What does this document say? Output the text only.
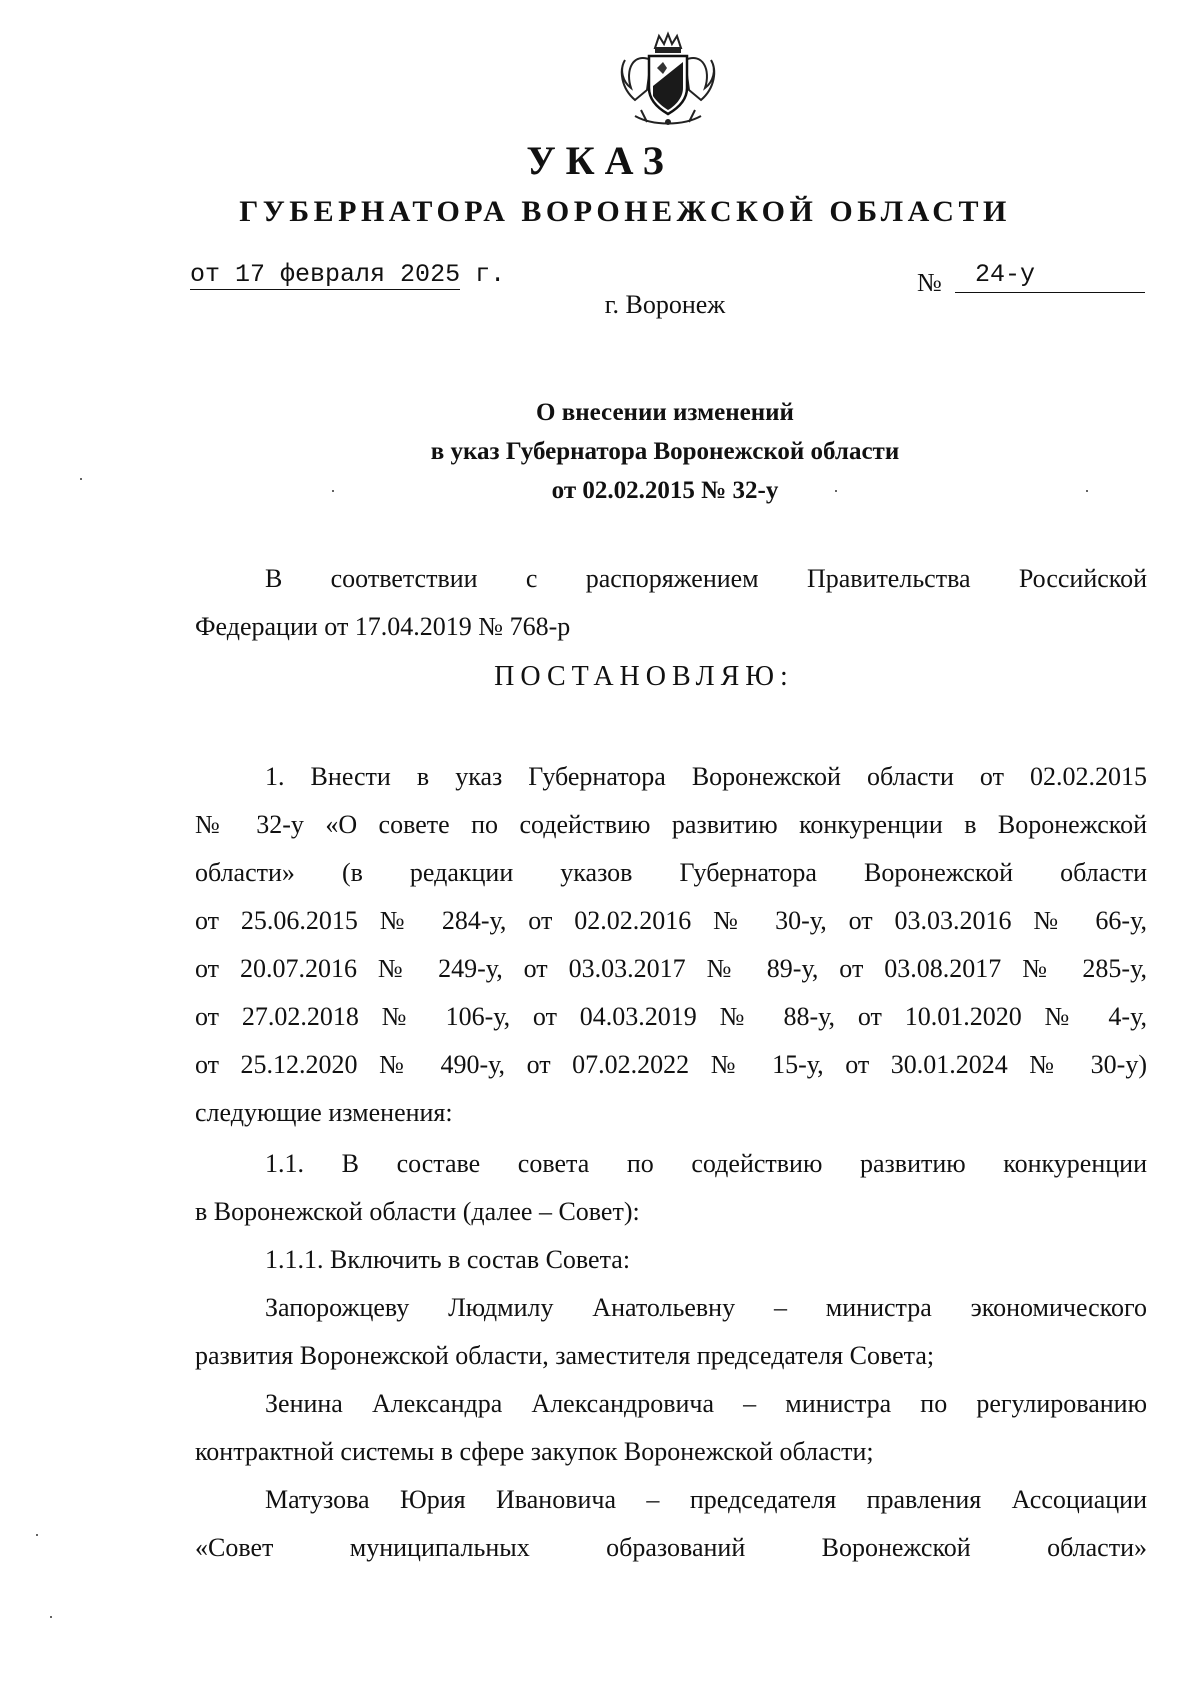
УКАЗ
ГУБЕРНАТОРА ВОРОНЕЖСКОЙ ОБЛАСТИ
от 17 февраля 2025 г.	№	24-у
г. Воронеж
О внесении изменений
в указ Губернатора Воронежской области
от 02.02.2015 № 32-у
В соответствии с распоряжением Правительства Российской
Федерации от 17.04.2019 № 768-р
ПОСТАНОВЛЯЮ:
1. Внести в указ Губернатора Воронежской области от 02.02.2015
№ 32-у «О совете по содействию развитию конкуренции в Воронежской
области» (в редакции указов Губернатора Воронежской области
от 25.06.2015 № 284-у, от 02.02.2016 № 30-у, от 03.03.2016 № 66-у,
от 20.07.2016 № 249-у, от 03.03.2017 № 89-у, от 03.08.2017 № 285-у,
от 27.02.2018 № 106-у, от 04.03.2019 № 88-у, от 10.01.2020 № 4-у,
от 25.12.2020 № 490-у, от 07.02.2022 № 15-у, от 30.01.2024 № 30-у)
следующие изменения:
1.1. В составе совета по содействию развитию конкуренции
в Воронежской области (далее – Совет):
1.1.1. Включить в состав Совета:
Запорожцеву Людмилу Анатольевну – министра экономического
развития Воронежской области, заместителя председателя Совета;
Зенина Александра Александровича – министра по регулированию
контрактной системы в сфере закупок Воронежской области;
Матузова Юрия Ивановича – председателя правления Ассоциации
«Совет муниципальных образований Воронежской области»
